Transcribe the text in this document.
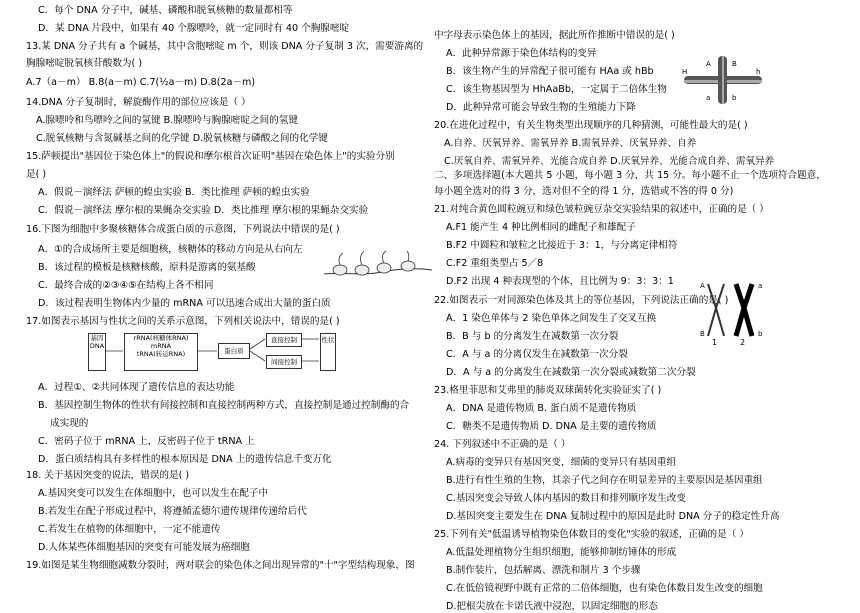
C．每个 DNA 分子中，碱基、磷酸和脱氧核糖的数量都相等
D．某 DNA 片段中，如果有 40 个腺嘌呤，就一定同时有 40 个胸腺嘧啶
13.某 DNA 分子共有 a 个碱基，其中含胞嘧啶 m 个，则该 DNA 分子复制 3 次，需要游离的
胸腺嘧啶脱氧核苷酸数为( )
A.7（a－m） B.8(a－m) C.7(½a－m) D.8(2a－m)
14.DNA 分子复制时，解旋酶作用的部位应该是（ ）
A.腺嘌呤和鸟嘌呤之间的氢键 B.腺嘌呤与胸腺嘧啶之间的氢键
C.脱氧核糖与含氮碱基之间的化学键 D.脱氧核糖与磷酸之间的化学键
15.萨顿提出"基因位于染色体上"的假说和摩尔根首次证明"基因在染色体上"的实验分别
是( )
A．假说－演绎法 萨顿的蝗虫实验 B．类比推理 萨顿的蝗虫实验
C．假说－演绎法 摩尔根的果蝇杂交实验 D．类比推理 摩尔根的果蝇杂交实验
16.下图为细胞中多聚核糖体合成蛋白质的示意图，下列说法中错误的是( )
A．①的合成场所主要是细胞核，核糖体的移动方向是从右向左
B．该过程的模板是核糖核酸，原料是游离的氨基酸
C．最终合成的②③④⑤在结构上各不相同
D．该过程表明生物体内少量的 mRNA 可以迅速合成出大量的蛋白质
17.如图表示基因与性状之间的关系示意图，下列相关说法中，错误的是( )
A．过程①、②共同体现了遗传信息的表达功能
B．基因控制生物体的性状有间接控制和直接控制两种方式，直接控制是通过控制酶的合
成实现的
C．密码子位于 mRNA 上，反密码子位于 tRNA 上
D．蛋白质结构具有多样性的根本原因是 DNA 上的遗传信息千变万化
18. 关于基因突变的说法，错误的是( )
A.基因突变可以发生在体细胞中，也可以发生在配子中
B.若发生在配子形成过程中，将遵循孟德尔遗传规律传递给后代
C.若发生在植物的体细胞中，一定不能遗传
D.人体某些体细胞基因的突变有可能发展为癌细胞
19.如图是某生物细胞减数分裂时，两对联会的染色体之间出现异常的"十"字型结构现象，图
中字母表示染色体上的基因，据此所作推断中错误的是( )
A．此种异常源于染色体结构的变异
B．该生物产生的异常配子很可能有 HAa 或 hBb
C．该生物基因型为 HhAaBb，一定属于二倍体生物
D．此种异常可能会导致生物的生殖能力下降
20.在进化过程中，有关生物类型出现顺序的几种猜测，可能性最大的是( )
A.自养、厌氧异养、需氧异养 B.需氧异养、厌氧异养、自养
C.厌氧自养、需氧异养、光能合成自养 D.厌氧异养、光能合成自养、需氧异养
二、多项选择题(本大题共 5 小题，每小题 3 分，共 15 分。每小题不止一个选项符合题意，
每小题全选对的得 3 分，选对但不全的得 1 分，选错或不答的得 0 分)
21.对纯合黄色圆粒豌豆和绿色皱粒豌豆杂交实验结果的叙述中，正确的是（ ）
A.F1 能产生 4 种比例相同的雌配子和雄配子
B.F2 中圆粒和皱粒之比接近于 3：1，与分离定律相符
C.F2 重组类型占 5／8
D.F2 出现 4 种表现型的个体，且比例为 9：3：3：1
22.如图表示一对同源染色体及其上的等位基因，下列说法正确的是( )
A．1 染色单体与 2 染色单体之间发生了交叉互换
B．B 与 b 的分离发生在减数第一次分裂
C．A 与 a 的分离仅发生在减数第一次分裂
D．A 与 a 的分离发生在减数第一次分裂或减数第二次分裂
23.格里菲思和艾弗里的肺炎双球菌转化实验证实了( )
A．DNA 是遗传物质 B. 蛋白质不是遗传物质
C．糖类不是遗传物质 D. DNA 是主要的遗传物质
24. 下列叙述中不正确的是（ ）
A.病毒的变异只有基因突变，细菌的变异只有基因重组
B.进行有性生殖的生物，其亲子代之间存在明显差异的主要原因是基因重组
C.基因突变会导致人体内基因的数目和排列顺序发生改变
D.基因突变主要发生在 DNA 复制过程中的原因是此时 DNA 分子的稳定性升高
25.下列有关"低温诱导植物染色体数目的变化"实验的叙述，正确的是（ ）
A.低温处理植物分生组织细胞，能够抑制纺锤体的形成
B.制作装片，包括解离、漂洗和制片 3 个步骤
C.在低倍镜视野中既有正常的二倍体细胞，也有染色体数目发生改变的细胞
D.把根尖放在卡诺氏液中浸泡，以固定细胞的形态
基因
DNA
rRNA(核糖体RNA)
mRNA
tRNA(转运RNA)	蛋白质
直接控制
间接控制
性状
A	B
a	b
H	h
A	a
B	b
1	2
